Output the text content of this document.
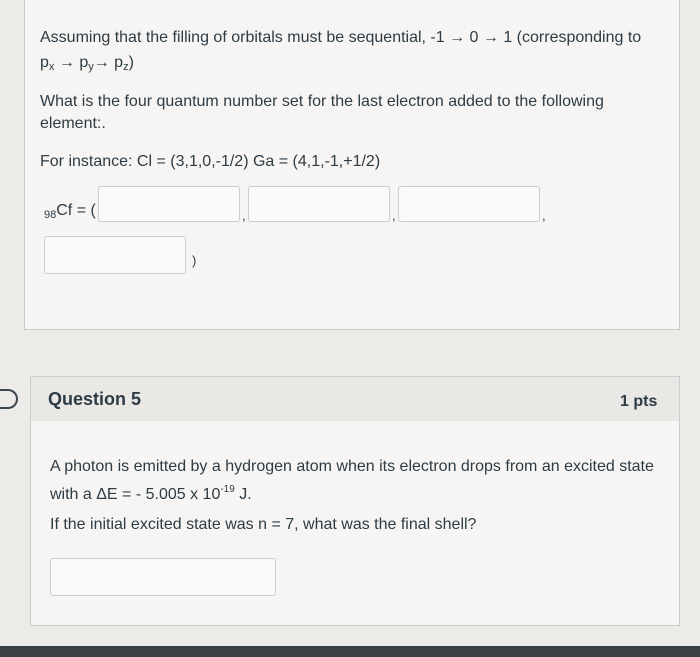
Assuming that the filling of orbitals must be sequential, -1 → 0 → 1 (corresponding to
$p_x \to p_y\to p_z$)
What is the four quantum number set for the last electron added to the following
element:.
For instance: Cl = (3,1,0,-1/2) Ga = (4,1,-1,+1/2)
$_{98}$Cf = (	,	,	,
)
Question 5	1 pts
A photon is emitted by a hydrogen atom when its electron drops from an excited state
with a ΔE = - 5.005 x $10^{-19}$ J.
If the initial excited state was n = 7, what was the final shell?
